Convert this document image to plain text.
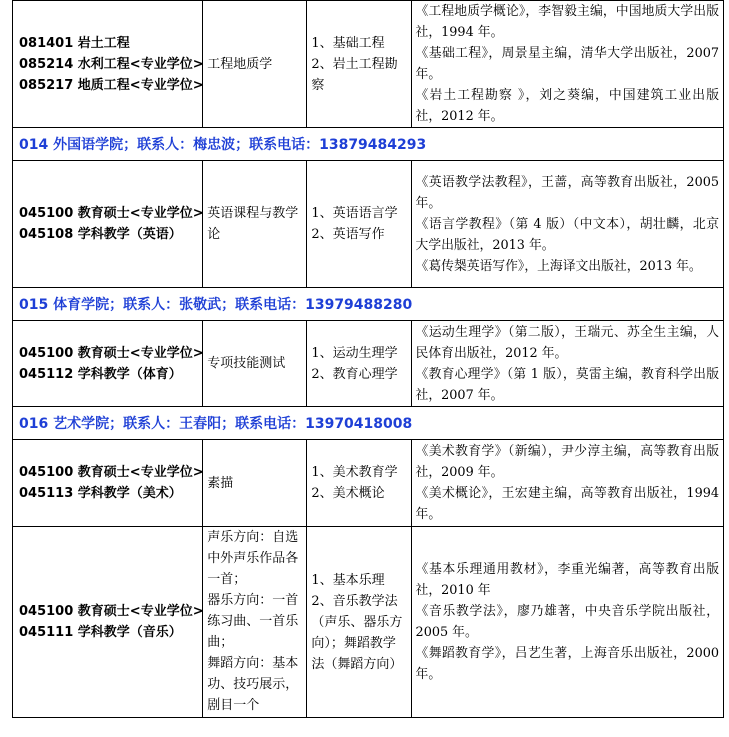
081401 岩土工程
085214 水利工程<专业学位>
085217 地质工程<专业学位>	工程地质学	1、基础工程
2、岩土工程勘
察	《工程地质学概论》，李智毅主编，中国地质大学出版社，1994 年。
《基础工程》，周景星主编，清华大学出版社，2007 年。
《岩土工程勘察 》，刘之葵编，中国建筑工业出版社，2012 年。

014 外国语学院；联系人：梅忠波；联系电话：13879484293			

045100 教育硕士<专业学位>
045108 学科教学（英语）	英语课程与教学论	1、英语语言学
2、英语写作	《英语教学法教程》，王蔷，高等教育出版社，2005 年。
《语言学教程》（第 4 版）（中文本），胡壮麟，北京大学出版社，2013 年。
《葛传椝英语写作》，上海译文出版社，2013 年。

015 体育学院；联系人：张敬武；联系电话：13979488280			

045100 教育硕士<专业学位>
045112 学科教学（体育）	专项技能测试	1、运动生理学
2、教育心理学	《运动生理学》（第二版），王瑞元、苏全生主编，人民体育出版社，2012 年。
《教育心理学》（第 1 版），莫雷主编，教育科学出版社，2007 年。

016 艺术学院；联系人：王春阳；联系电话：13970418008			

045100 教育硕士<专业学位>
045113 学科教学（美术）	素描	1、美术教育学
2、美术概论	《美术教育学》（新编），尹少淳主编，高等教育出版社，2009 年。
《美术概论》，王宏建主编，高等教育出版社，1994 年。

045100 教育硕士<专业学位>
045111 学科教学（音乐）	声乐方向：自选中外声乐作品各一首；
器乐方向：一首练习曲、一首乐曲；
舞蹈方向：基本功、技巧展示，剧目一个	1、基本乐理
2、音乐教学法（声乐、器乐方向）；舞蹈教学法（舞蹈方向）	《基本乐理通用教材》，李重光编著，高等教育出版社，2010 年
《音乐教学法》，廖乃雄著，中央音乐学院出版社，2005 年。
《舞蹈教育学》，吕艺生著，上海音乐出版社，2000 年。
